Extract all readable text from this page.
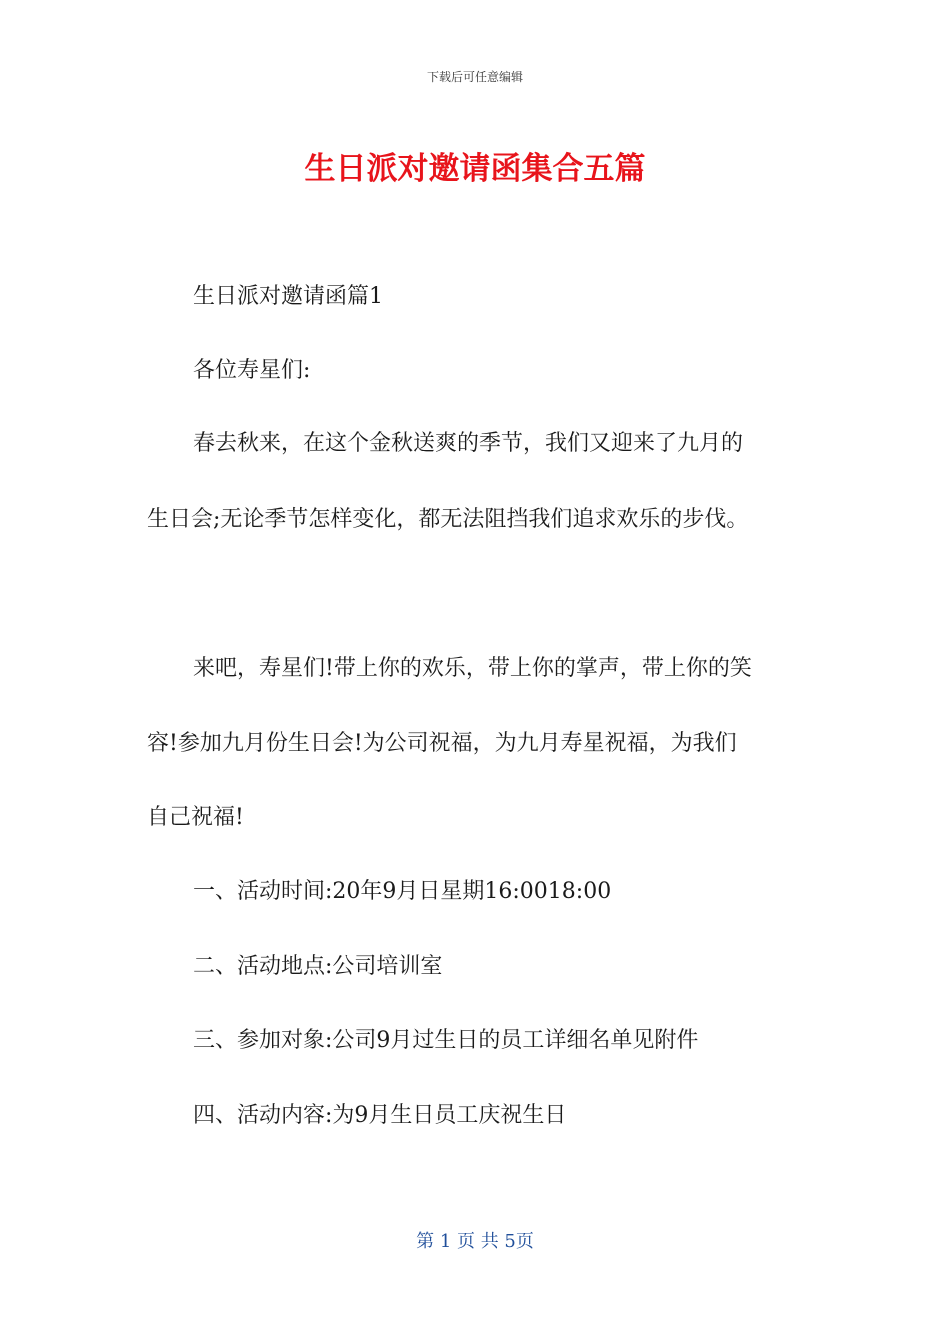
下载后可任意编辑
生日派对邀请函集合五篇
生日派对邀请函篇1
各位寿星们:
春去秋来，在这个金秋送爽的季节，我们又迎来了九月的
生日会;无论季节怎样变化，都无法阻挡我们追求欢乐的步伐。
来吧，寿星们!带上你的欢乐，带上你的掌声，带上你的笑
容!参加九月份生日会!为公司祝福，为九月寿星祝福，为我们
自己祝福!
一、活动时间:20年9月日星期16:0018:00
二、活动地点:公司培训室
三、参加对象:公司9月过生日的员工详细名单见附件
四、活动内容:为9月生日员工庆祝生日
第 1 页 共 5页
